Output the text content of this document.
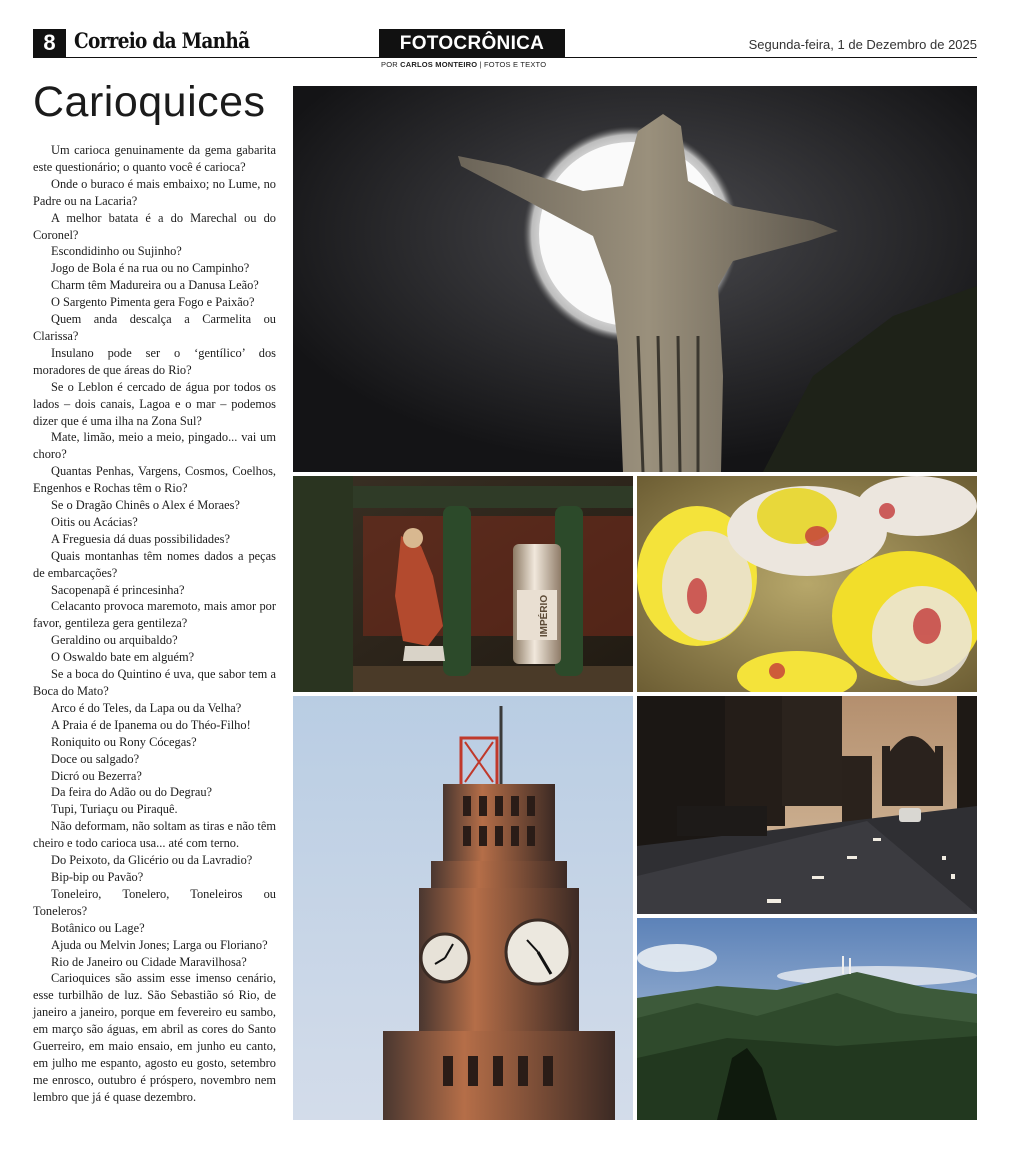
8 Correio da Manhã	FOTOCRÔNICA
POR CARLOS MONTEIRO | FOTOS E TEXTO
Segunda-feira, 1 de Dezembro de 2025
Carioquices

Um carioca genuinamente da gema gabarita este questionário; o quanto você é carioca?

Onde o buraco é mais embaixo; no Lume, no Padre ou na Lacaria?

A melhor batata é a do Marechal ou do Coronel?

Escondidinho ou Sujinho?

Jogo de Bola é na rua ou no Campinho?

Charm têm Madureira ou a Danusa Leão?

O Sargento Pimenta gera Fogo e Paixão?

Quem anda descalça a Carmelita ou Clarissa?

Insulano pode ser o ‘gentílico’ dos moradores de que áreas do Rio?

Se o Leblon é cercado de água por todos os lados – dois canais, Lagoa e o mar – podemos dizer que é uma ilha na Zona Sul?

Mate, limão, meio a meio, pingado... vai um choro?

Quantas Penhas, Vargens, Cosmos, Coelhos, Engenhos e Rochas têm o Rio?

Se o Dragão Chinês o Alex é Moraes?

Oitis ou Acácias?

A Freguesia dá duas possibilidades?

Quais montanhas têm nomes dados a peças de embarcações?

Sacopenapã é princesinha?

Celacanto provoca maremoto, mais amor por favor, gentileza gera gentileza?

Geraldino ou arquibaldo?

O Oswaldo bate em alguém?

Se a boca do Quintino é uva, que sabor tem a Boca do Mato?

Arco é do Teles, da Lapa ou da Velha?

A Praia é de Ipanema ou do Théo-Filho!

Roniquito ou Rony Cócegas?

Doce ou salgado?

Dicró ou Bezerra?

Da feira do Adão ou do Degrau?

Tupi, Turiaçu ou Piraquê.

Não deformam, não soltam as tiras e não têm cheiro e todo carioca usa... até com terno.

Do Peixoto, da Glicério ou da Lavradio?

Bip-bip ou Pavão?

Toneleiro, Tonelero, Toneleiros ou Toneleros?

Botânico ou Lage?

Ajuda ou Melvin Jones; Larga ou Floriano?

Rio de Janeiro ou Cidade Maravilhosa?

Carioquices são assim esse imenso cenário, esse turbilhão de luz. São Sebastião só Rio, de janeiro a janeiro, porque em fevereiro eu sambo, em março são águas, em abril as cores do Santo Guerreiro, em maio ensaio, em junho eu canto, em julho me espanto, agosto eu gosto, setembro me enrosco, outubro é próspero, novembro nem lembro que já é quase dezembro.

IMPÉRIO
